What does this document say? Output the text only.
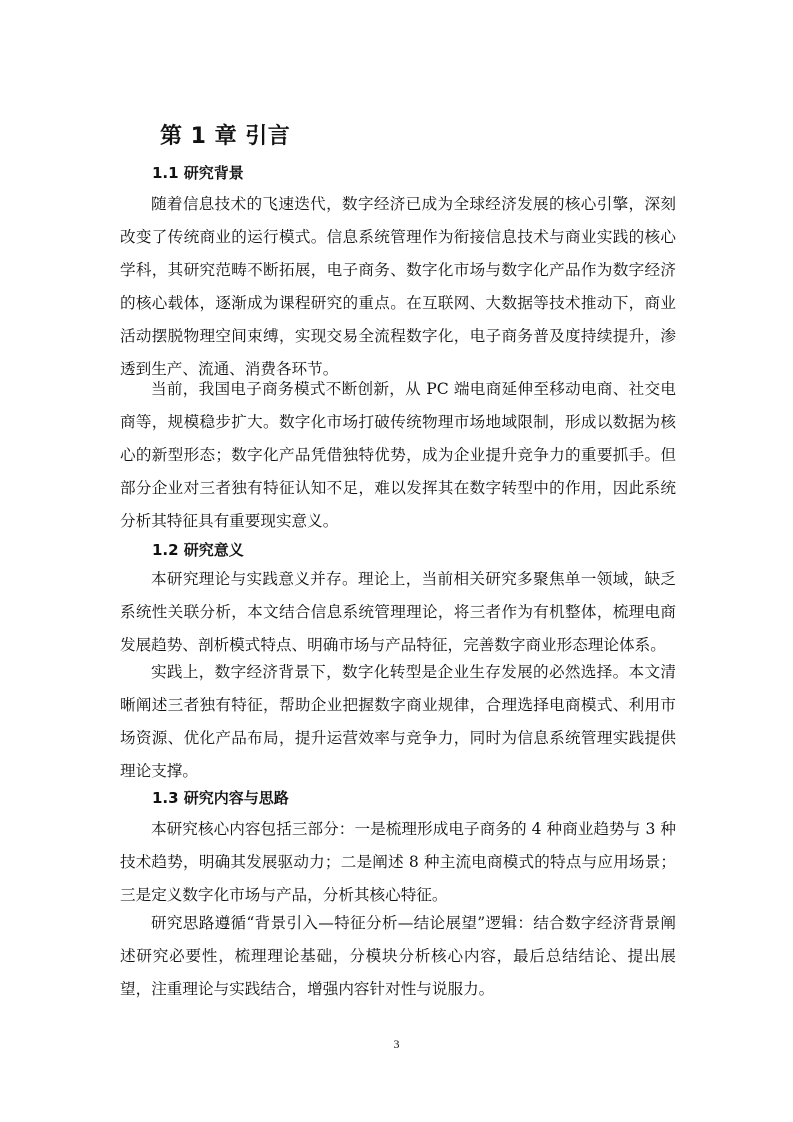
第 1 章 引言
1.1 研究背景

随着信息技术的飞速迭代，数字经济已成为全球经济发展的核心引擎，深刻改变了传统商业的运行模式。信息系统管理作为衔接信息技术与商业实践的核心学科，其研究范畴不断拓展，电子商务、数字化市场与数字化产品作为数字经济的核心载体，逐渐成为课程研究的重点。在互联网、大数据等技术推动下，商业活动摆脱物理空间束缚，实现交易全流程数字化，电子商务普及度持续提升，渗透到生产、流通、消费各环节。

当前，我国电子商务模式不断创新，从 PC 端电商延伸至移动电商、社交电商等，规模稳步扩大。数字化市场打破传统物理市场地域限制，形成以数据为核心的新型形态；数字化产品凭借独特优势，成为企业提升竞争力的重要抓手。但部分企业对三者独有特征认知不足，难以发挥其在数字转型中的作用，因此系统分析其特征具有重要现实意义。

1.2 研究意义

本研究理论与实践意义并存。理论上，当前相关研究多聚焦单一领域，缺乏系统性关联分析，本文结合信息系统管理理论，将三者作为有机整体，梳理电商发展趋势、剖析模式特点、明确市场与产品特征，完善数字商业形态理论体系。

实践上，数字经济背景下，数字化转型是企业生存发展的必然选择。本文清晰阐述三者独有特征，帮助企业把握数字商业规律，合理选择电商模式、利用市场资源、优化产品布局，提升运营效率与竞争力，同时为信息系统管理实践提供理论支撑。

1.3 研究内容与思路

本研究核心内容包括三部分：一是梳理形成电子商务的 4 种商业趋势与 3 种技术趋势，明确其发展驱动力；二是阐述 8 种主流电商模式的特点与应用场景；三是定义数字化市场与产品，分析其核心特征。

研究思路遵循“背景引入—特征分析—结论展望”逻辑：结合数字经济背景阐述研究必要性，梳理理论基础，分模块分析核心内容，最后总结结论、提出展望，注重理论与实践结合，增强内容针对性与说服力。

3
